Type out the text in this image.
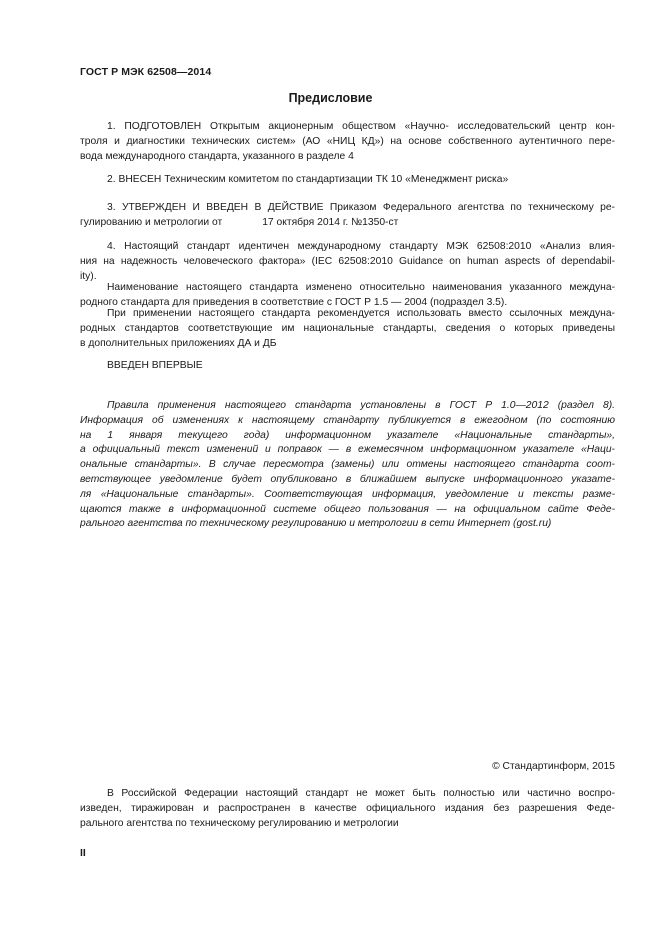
ГОСТ Р МЭК 62508—2014
Предисловие
1. ПОДГОТОВЛЕН Открытым акционерным обществом «Научно- исследовательский центр кон-
троля и диагностики технических систем» (АО «НИЦ КД») на основе собственного аутентичного пере-
вода международного стандарта, указанного в разделе 4
2. ВНЕСЕН Техническим комитетом по стандартизации ТК 10 «Менеджмент риска»
3. УТВЕРЖДЕН И ВВЕДЕН В ДЕЙСТВИЕ Приказом Федерального агентства по техническому ре-
гулированию и метрологии от	17 октября 2014 г. №1350-ст
4. Настоящий стандарт идентичен международному стандарту МЭК 62508:2010 «Анализ влия-
ния на надежность человеческого фактора» (IEC 62508:2010 Guidance on human aspects of dependabil-
ity).
Наименование настоящего стандарта изменено относительно наименования указанного междунa-
родного стандарта для приведения в соответствие с ГОСТ Р 1.5 — 2004 (подраздел 3.5).
При применении настоящего стандарта рекомендуется использовать вместо ссылочных междуна-
родных стандартов соответствующие им национальные стандарты, сведения о которых приведены
в дополнительных приложениях ДА и ДБ
ВВЕДЕН ВПЕРВЫЕ
Правила применения настоящего стандарта установлены в ГОСТ Р 1.0—2012 (раздел 8).
Информация об изменениях к настоящему стандарту публикуется в ежегодном (по состоянию
на 1 января текущего года) информационном указателе «Национальные стандарты»,
а официальный текст изменений и поправок — в ежемесячном информационном указателе «Наци-
ональные стандарты». В случае пересмотра (замены) или отмены настоящего стандарта соот-
ветствующее уведомление будет опубликовано в ближайшем выпуске информационного указате-
ля «Национальные стандарты». Соответствующая информация, уведомление и тексты разме-
щаются также в информационной системе общего пользования — на официальном сайте Феде-
рального агентства по техническому регулированию и метрологии в сети Интернет (gost.ru)
© Стандартинформ, 2015
В Российской Федерации настоящий стандарт не может быть полностью или частично воспро-
изведен, тиражирован и распространен в качестве официального издания без разрешения Феде-
рального агентства по техническому регулированию и метрологии
II
